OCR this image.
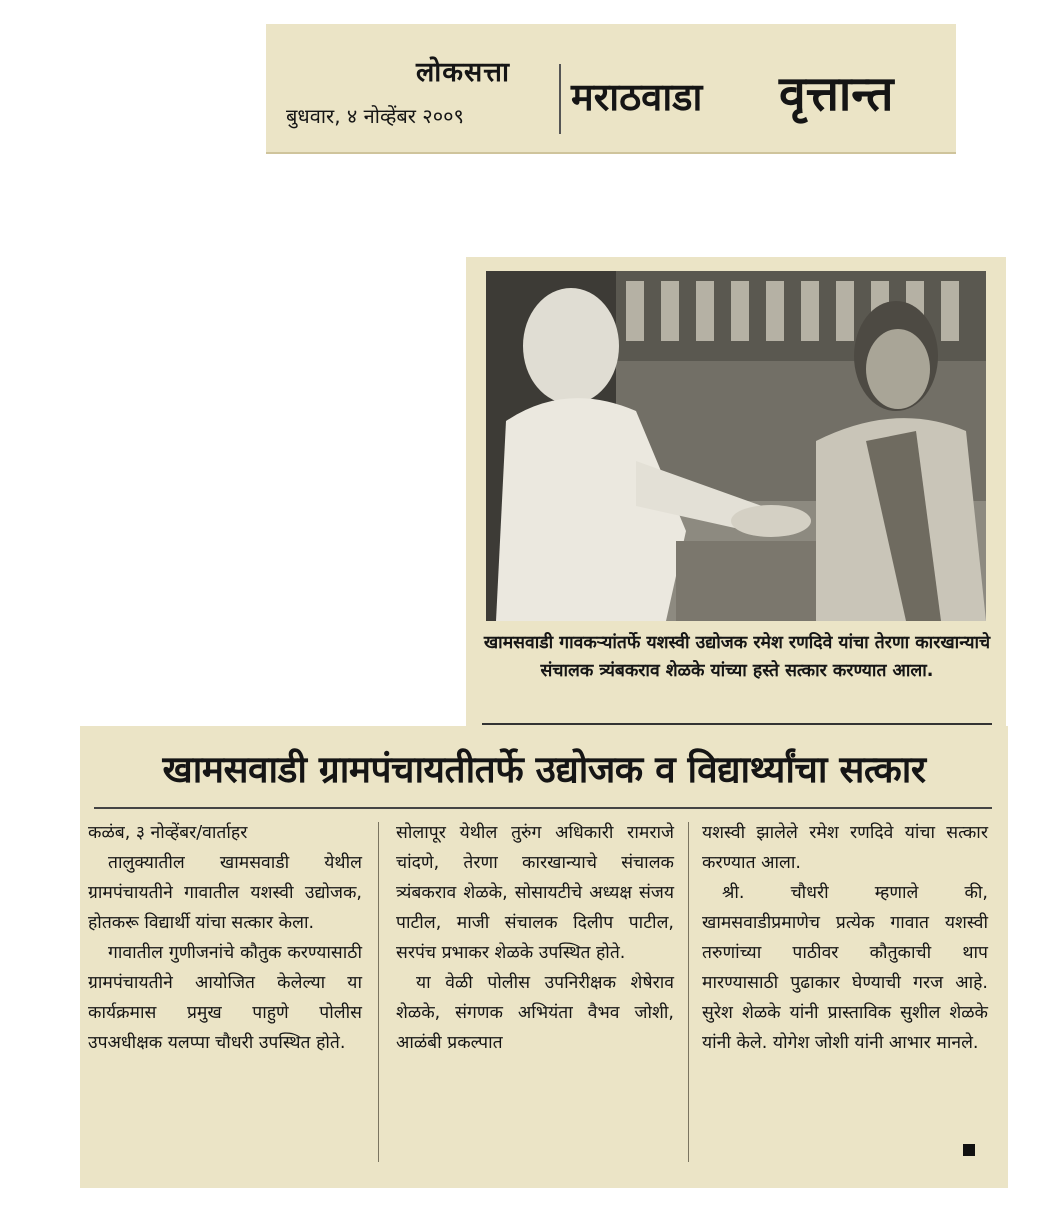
लोकसत्ता
बुधवार, ४ नोव्हेंबर २००९	मराठवाडा वृत्तान्त
खामसवाडी गावकऱ्यांतर्फे यशस्वी उद्योजक रमेश रणदिवे यांचा तेरणा कारखान्याचे संचालक त्र्यंबकराव शेळके यांच्या हस्ते सत्कार करण्यात आला.
खामसवाडी ग्रामपंचायतीतर्फे उद्योजक व विद्यार्थ्यांचा सत्कार

कळंब, ३ नोव्हेंबर/वार्ताहर

तालुक्यातील खामसवाडी येथील ग्रामपंचायतीने गावातील यशस्वी उद्योजक, होतकरू विद्यार्थी यांचा सत्कार केला.

गावातील गुणीजनांचे कौतुक करण्यासाठी ग्रामपंचायतीने आयोजित केलेल्या या कार्यक्रमास प्रमुख पाहुणे पोलीस उपअधीक्षक यलप्पा चौधरी उपस्थित होते.

सोलापूर येथील तुरुंग अधिकारी रामराजे चांदणे, तेरणा कारखान्याचे संचालक त्र्यंबकराव शेळके, सोसायटीचे अध्यक्ष संजय पाटील, माजी संचालक दिलीप पाटील, सरपंच प्रभाकर शेळके उपस्थित होते.

या वेळी पोलीस उपनिरीक्षक शेषेराव शेळके, संगणक अभियंता वैभव जोशी, आळंबी प्रकल्पात

यशस्वी झालेले रमेश रणदिवे यांचा सत्कार करण्यात आला.

श्री. चौधरी म्हणाले की, खामसवाडीप्रमाणेच प्रत्येक गावात यशस्वी तरुणांच्या पाठीवर कौतुकाची थाप मारण्यासाठी पुढाकार घेण्याची गरज आहे. सुरेश शेळके यांनी प्रास्ताविक सुशील शेळके यांनी केले. योगेश जोशी यांनी आभार मानले.
